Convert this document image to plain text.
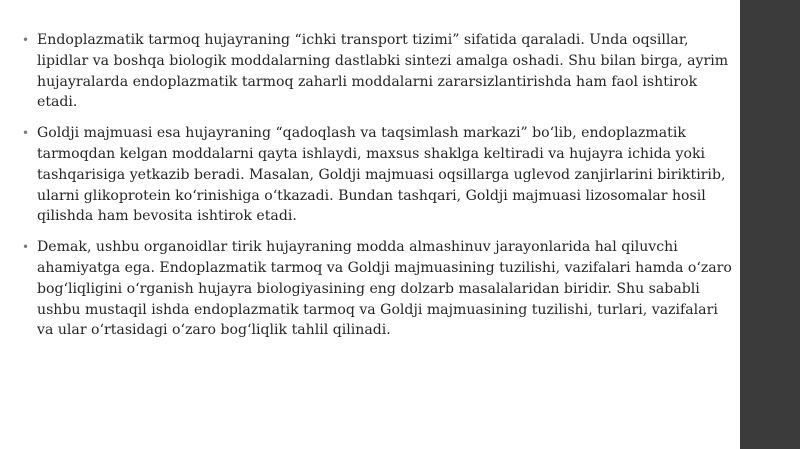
• Endoplazmatik tarmoq hujayraning “ichki transport tizimi” sifatida qaraladi. Unda oqsillar, lipidlar va boshqa biologik moddalarning dastlabki sintezi amalga oshadi. Shu bilan birga, ayrim hujayralarda endoplazmatik tarmoq zaharli moddalarni zararsizlantirishda ham faol ishtirok etadi.
• Goldji majmuasi esa hujayraning “qadoqlash va taqsimlash markazi” boʻlib, endoplazmatik tarmoqdan kelgan moddalarni qayta ishlaydi, maxsus shaklga keltiradi va hujayra ichida yoki tashqarisiga yetkazib beradi. Masalan, Goldji majmuasi oqsillarga uglevod zanjirlarini biriktirib, ularni glikoprotein koʻrinishiga oʻtkazadi. Bundan tashqari, Goldji majmuasi lizosomalar hosil qilishda ham bevosita ishtirok etadi.
• Demak, ushbu organoidlar tirik hujayraning modda almashinuv jarayonlarida hal qiluvchi ahamiyatga ega. Endoplazmatik tarmoq va Goldji majmuasining tuzilishi, vazifalari hamda oʻzaro bogʻliqligini oʻrganish hujayra biologiyasining eng dolzarb masalalaridan biridir. Shu sababli ushbu mustaqil ishda endoplazmatik tarmoq va Goldji majmuasining tuzilishi, turlari, vazifalari va ular oʻrtasidagi oʻzaro bogʻliqlik tahlil qilinadi.
